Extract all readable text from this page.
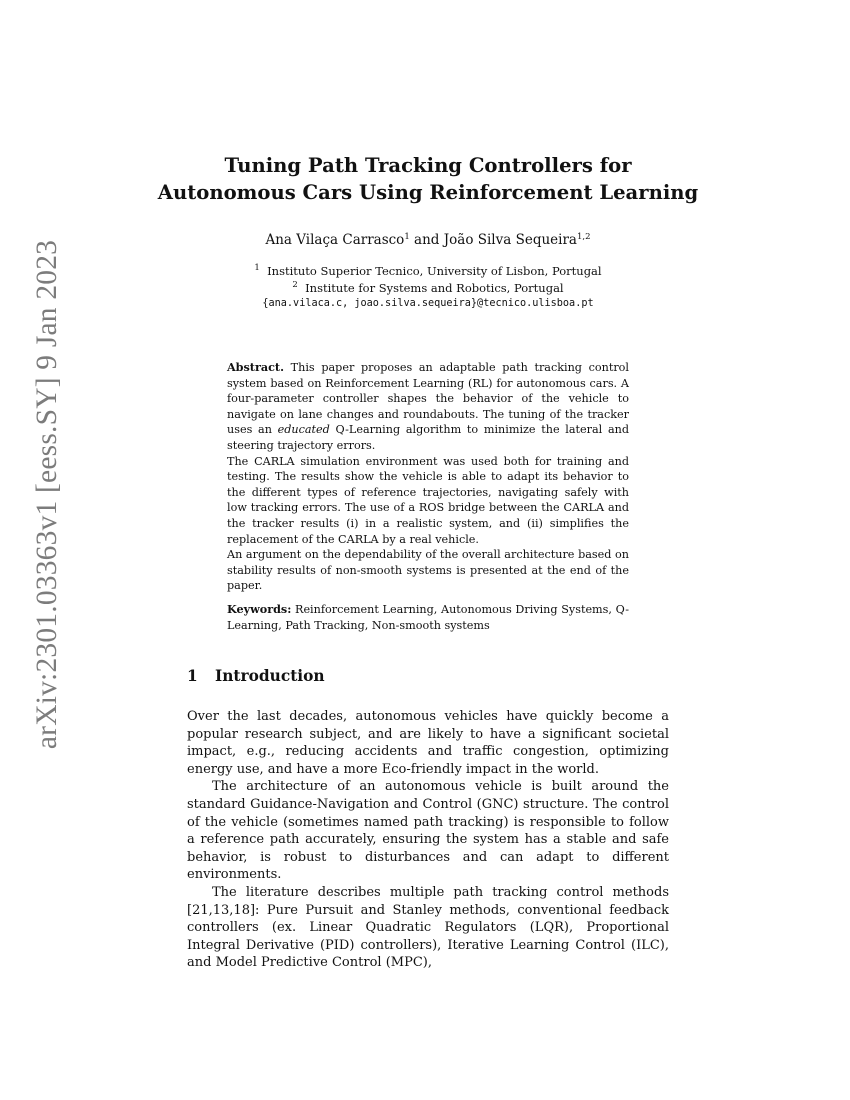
arXiv:2301.03363v1 [eess.SY] 9 Jan 2023
Tuning Path Tracking Controllers for
Autonomous Cars Using Reinforcement Learning
Ana Vilaça Carrasco$^1$ and João Silva Sequeira$^{1,2}$
$^1$ Instituto Superior Tecnico, University of Lisbon, Portugal
$^2$ Institute for Systems and Robotics, Portugal
{ana.vilaca.c, joao.silva.sequeira}@tecnico.ulisboa.pt

Abstract. This paper proposes an adaptable path tracking control system based on Reinforcement Learning (RL) for autonomous cars. A four-parameter controller shapes the behavior of the vehicle to navigate on lane changes and roundabouts. The tuning of the tracker uses an educated Q-Learning algorithm to minimize the lateral and steering trajectory errors.

The CARLA simulation environment was used both for training and testing. The results show the vehicle is able to adapt its behavior to the different types of reference trajectories, navigating safely with low tracking errors. The use of a ROS bridge between the CARLA and the tracker results (i) in a realistic system, and (ii) simplifies the replacement of the CARLA by a real vehicle.

An argument on the dependability of the overall architecture based on stability results of non-smooth systems is presented at the end of the paper.

Keywords: Reinforcement Learning, Autonomous Driving Systems, Q-Learning, Path Tracking, Non-smooth systems
1 Introduction

Over the last decades, autonomous vehicles have quickly become a popular research subject, and are likely to have a significant societal impact, e.g., reducing accidents and traffic congestion, optimizing energy use, and have a more Eco-friendly impact in the world.

The architecture of an autonomous vehicle is built around the standard Guidance-Navigation and Control (GNC) structure. The control of the vehicle (sometimes named path tracking) is responsible to follow a reference path accurately, ensuring the system has a stable and safe behavior, is robust to disturbances and can adapt to different environments.

The literature describes multiple path tracking control methods [21,13,18]: Pure Pursuit and Stanley methods, conventional feedback controllers (ex. Linear Quadratic Regulators (LQR), Proportional Integral Derivative (PID) controllers), Iterative Learning Control (ILC), and Model Predictive Control (MPC),
